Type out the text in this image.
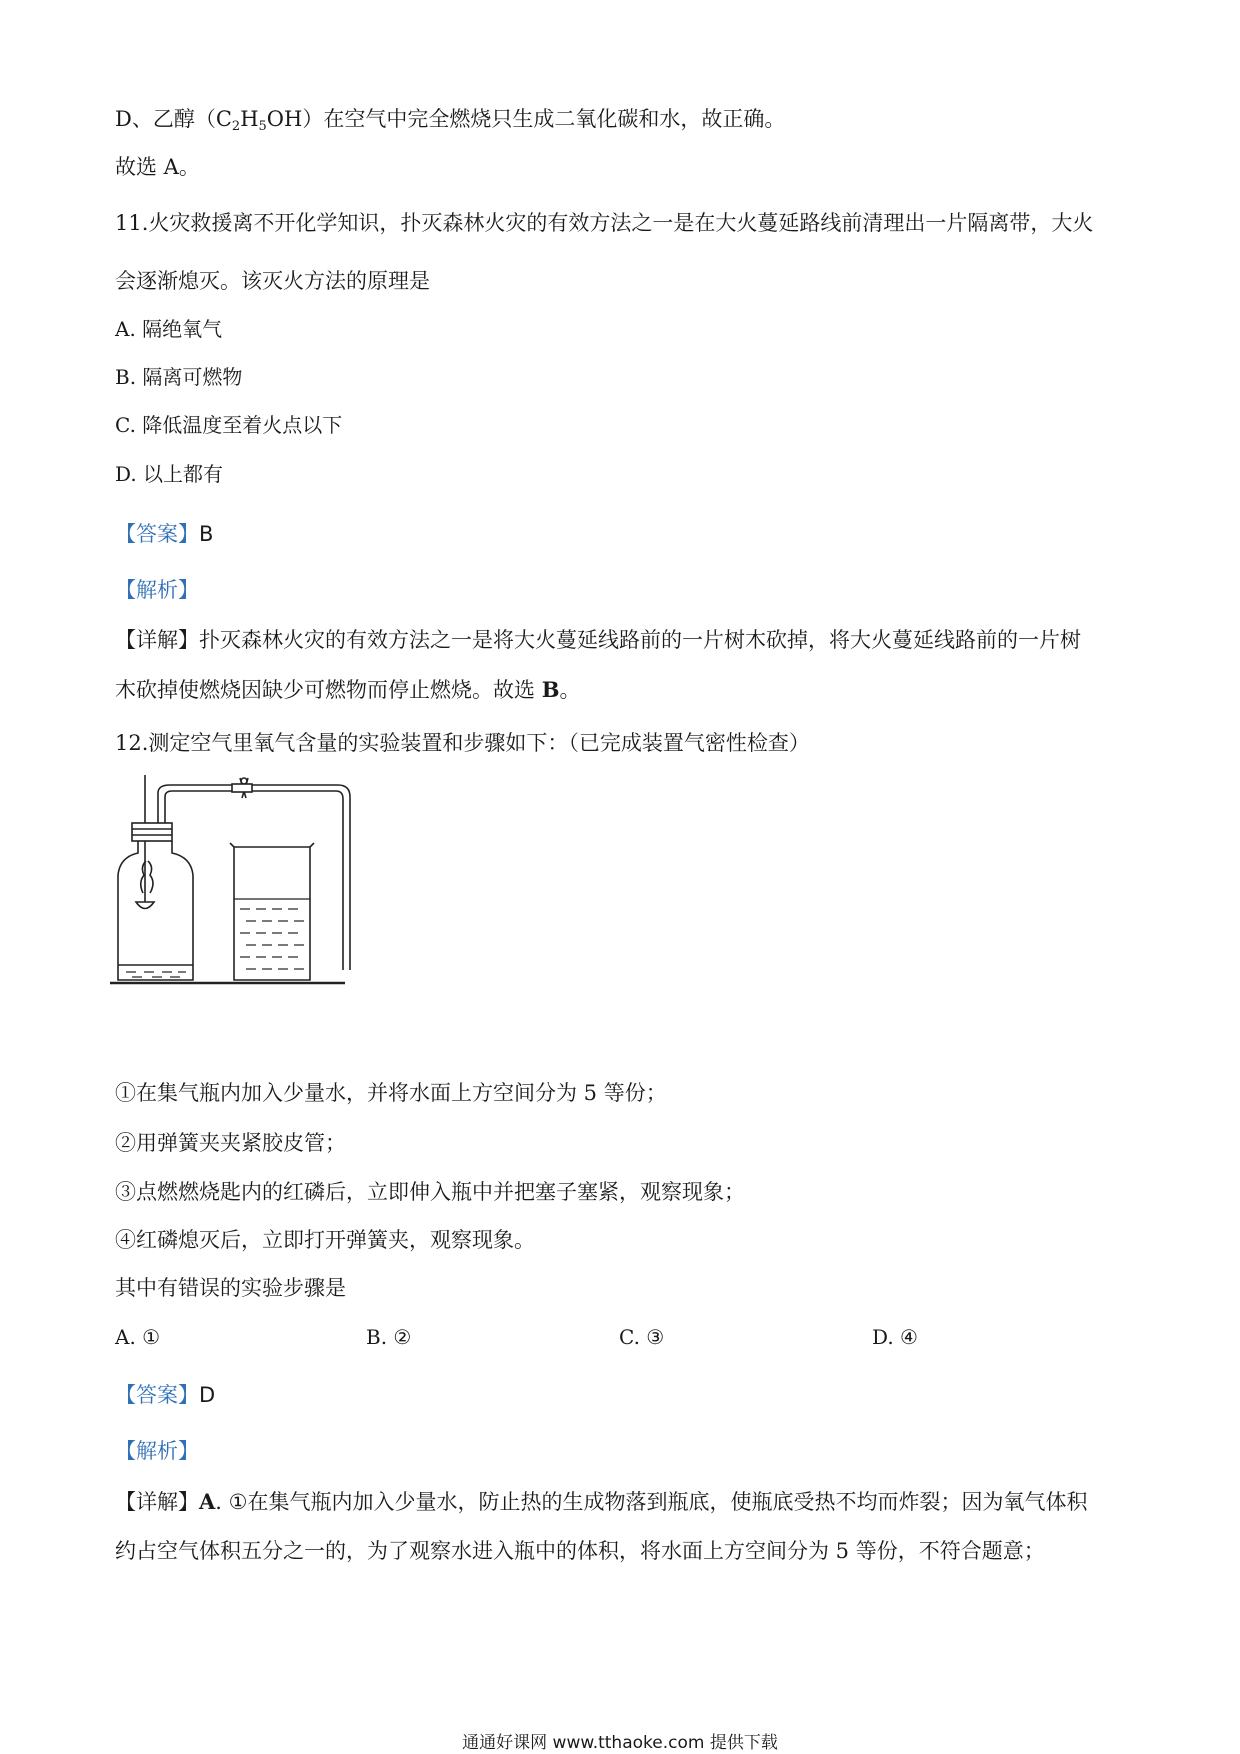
D、乙醇$(C_2H_5OH)$在空气中完全燃烧只生成二氧化碳和水，故正确。
故选 A。
11.火灾救援离不开化学知识，扑灭森林火灾的有效方法之一是在大火蔓延路线前清理出一片隔离带，大火
会逐渐熄灭。该灭火方法的原理是
A. 隔绝氧气
B. 隔离可燃物
C. 降低温度至着火点以下
D. 以上都有
【答案】B
【解析】
【详解】扑灭森林火灾的有效方法之一是将大火蔓延线路前的一片树木砍掉，将大火蔓延线路前的一片树
木砍掉使燃烧因缺少可燃物而停止燃烧。故选 B。
12.测定空气里氧气含量的实验装置和步骤如下：（已完成装置气密性检查）
①在集气瓶内加入少量水，并将水面上方空间分为 5 等份；
②用弹簧夹夹紧胶皮管；
③点燃燃烧匙内的红磷后，立即伸入瓶中并把塞子塞紧，观察现象；
④红磷熄灭后，立即打开弹簧夹，观察现象。
其中有错误的实验步骤是
A. ①	B. ②	C. ③	D. ④
【答案】D
【解析】
【详解】A. ①在集气瓶内加入少量水，防止热的生成物落到瓶底，使瓶底受热不均而炸裂；因为氧气体积
约占空气体积五分之一的，为了观察水进入瓶中的体积，将水面上方空间分为 5 等份，不符合题意；
通通好课网 www.tthaoke.com 提供下载
